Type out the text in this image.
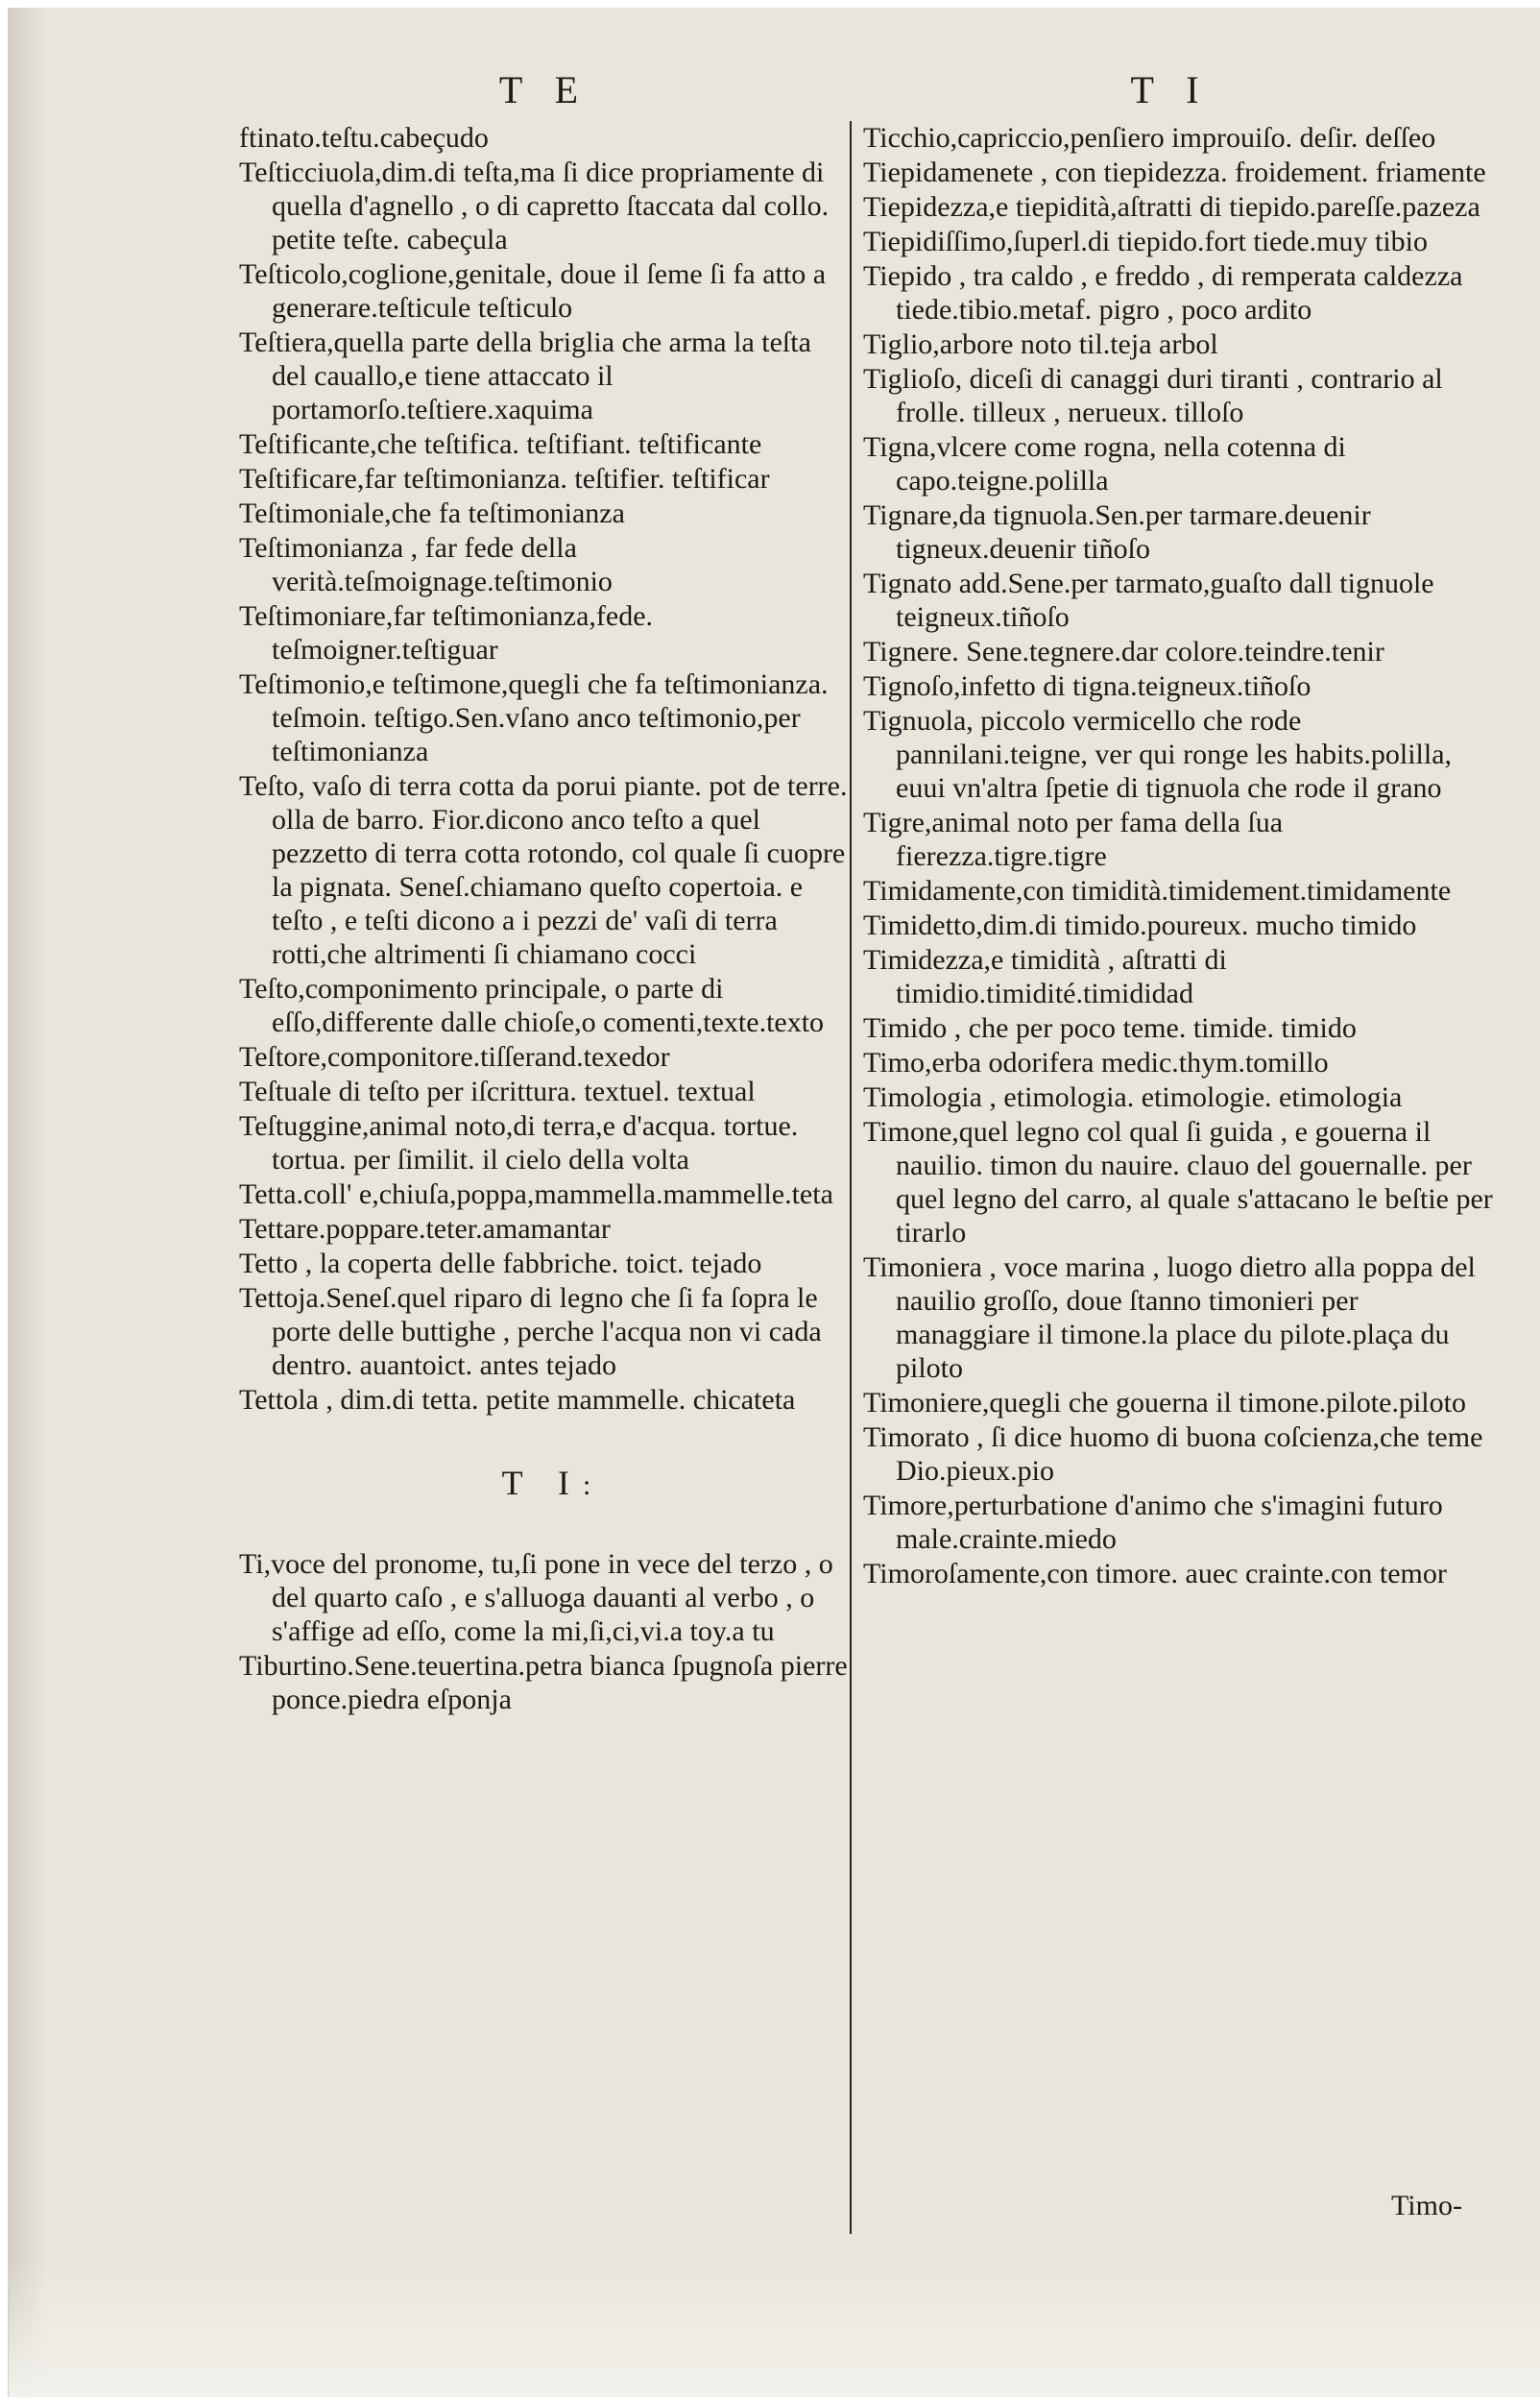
T E	T I

ftinato.teſtu.cabeçudo

Teſticciuola,dim.di teſta,ma ſi dice propriamente di quella d'agnello , o di capretto ſtaccata dal collo. petite teſte. cabeçula

Teſticolo,coglione,genitale, doue il ſeme ſi fa atto a generare.teſticule teſticulo

Teſtiera,quella parte della briglia che arma la teſta del cauallo,e tiene attaccato il portamorſo.teſtiere.xaquima

Teſtificante,che teſtifica. teſtifiant. teſtificante

Teſtificare,far teſtimonianza. teſtifier. teſtificar

Teſtimoniale,che fa teſtimonianza

Teſtimonianza , far fede della verità.teſmoignage.teſtimonio

Teſtimoniare,far teſtimonianza,fede. teſmoigner.teſtiguar

Teſtimonio,e teſtimone,quegli che fa teſtimonianza. teſmoin. teſtigo.Sen.vſano anco teſtimonio,per teſtimonianza

Teſto, vaſo di terra cotta da porui piante. pot de terre. olla de barro. Fior.dicono anco teſto a quel pezzetto di terra cotta rotondo, col quale ſi cuopre la pignata. Seneſ.chiamano queſto copertoia. e teſto , e teſti dicono a i pezzi de' vaſi di terra rotti,che altrimenti ſi chiamano cocci

Teſto,componimento principale, o parte di eſſo,differente dalle chioſe,o comenti,texte.texto

Teſtore,componitore.tiſſerand.texedor

Teſtuale di teſto per iſcrittura. textuel. textual

Teſtuggine,animal noto,di terra,e d'acqua. tortue. tortua. per ſimilit. il cielo della volta

Tetta.coll' e,chiuſa,poppa,mammella.mammelle.teta

Tettare.poppare.teter.amamantar

Tetto , la coperta delle fabbriche. toict. tejado

Tettoja.Seneſ.quel riparo di legno che ſi fa ſopra le porte delle buttighe , perche l'acqua non vi cada dentro. auantoict. antes tejado

Tettola , dim.di tetta. petite mammelle. chicateta

T I:

Ti,voce del pronome, tu,ſi pone in vece del terzo , o del quarto caſo , e s'alluoga dauanti al verbo , o s'affige ad eſſo, come la mi,ſi,ci,vi.a toy.a tu

Tiburtino.Sene.teuertina.petra bianca ſpugnoſa pierre ponce.piedra eſponja

Ticchio,capriccio,penſiero improuiſo. deſir. deſſeo

Tiepidamenete , con tiepidezza. froidement. friamente

Tiepidezza,e tiepidità,aſtratti di tiepido.pareſſe.pazeza

Tiepidiſſimo,ſuperl.di tiepido.fort tiede.muy tibio

Tiepido , tra caldo , e freddo , di remperata caldezza tiede.tibio.metaf. pigro , poco ardito

Tiglio,arbore noto til.teja arbol

Tiglioſo, diceſi di canaggi duri tiranti , contrario al frolle. tilleux , nerueux. tilloſo

Tigna,vlcere come rogna, nella cotenna di capo.teigne.polilla

Tignare,da tignuola.Sen.per tarmare.deuenir tigneux.deuenir tiñoſo

Tignato add.Sene.per tarmato,guaſto dall tignuole teigneux.tiñoſo

Tignere. Sene.tegnere.dar colore.teindre.tenir

Tignoſo,infetto di tigna.teigneux.tiñoſo

Tignuola, piccolo vermicello che rode pannilani.teigne, ver qui ronge les habits.polilla, euui vn'altra ſpetie di tignuola che rode il grano

Tigre,animal noto per fama della ſua fierezza.tigre.tigre

Timidamente,con timidità.timidement.timidamente

Timidetto,dim.di timido.poureux. mucho timido

Timidezza,e timidità , aſtratti di timidio.timidité.timididad

Timido , che per poco teme. timide. timido

Timo,erba odorifera medic.thym.tomillo

Timologia , etimologia. etimologie. etimologia

Timone,quel legno col qual ſi guida , e gouerna il nauilio. timon du nauire. clauo del gouernalle. per quel legno del carro, al quale s'attacano le beſtie per tirarlo

Timoniera , voce marina , luogo dietro alla poppa del nauilio groſſo, doue ſtanno timonieri per managgiare il timone.la place du pilote.plaça du piloto

Timoniere,quegli che gouerna il timone.pilote.piloto

Timorato , ſi dice huomo di buona coſcienza,che teme Dio.pieux.pio

Timore,perturbatione d'animo che s'imagini futuro male.crainte.miedo

Timoroſamente,con timore. auec crainte.con temor

Timo-
